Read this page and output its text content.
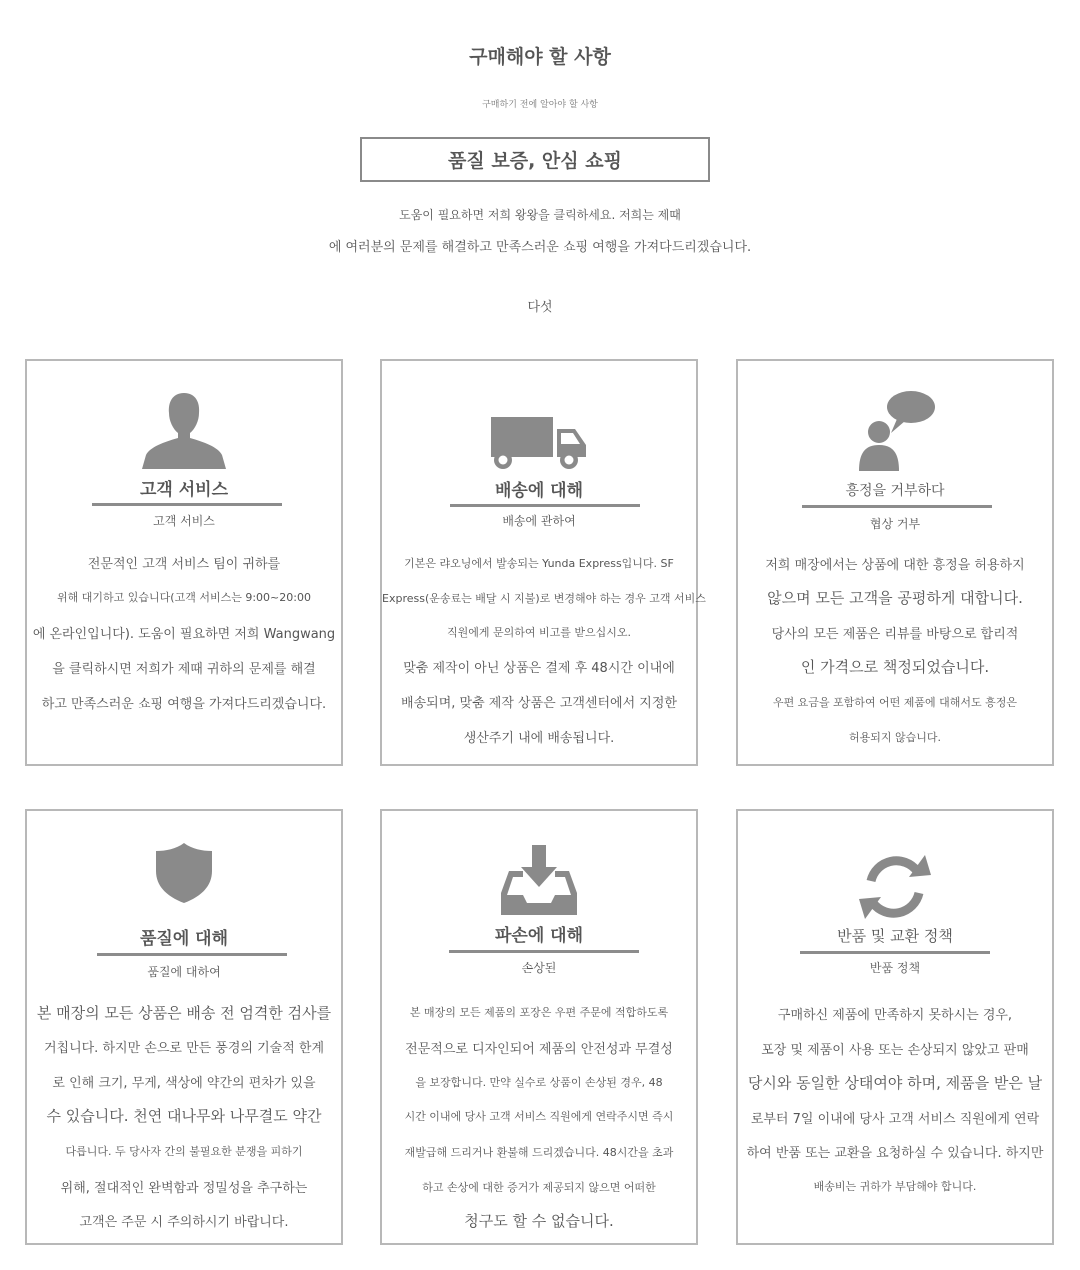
구매해야 할 사항
구매하기 전에 알아야 할 사항
품질 보증, 안심 쇼핑
도움이 필요하면 저희 왕왕을 클릭하세요. 저희는 제때
에 여러분의 문제를 해결하고 만족스러운 쇼핑 여행을 가져다드리겠습니다.
다섯
고객 서비스
고객 서비스
전문적인 고객 서비스 팀이 귀하를
위해 대기하고 있습니다(고객 서비스는 9:00~20:00
에 온라인입니다). 도움이 필요하면 저희 Wangwang
을 클릭하시면 저희가 제때 귀하의 문제를 해결
하고 만족스러운 쇼핑 여행을 가져다드리겠습니다.
배송에 대해
배송에 관하여
기본은 랴오닝에서 발송되는 Yunda Express입니다. SF
Express(운송료는 배달 시 지불)로 변경해야 하는 경우 고객 서비스
직원에게 문의하여 비고를 받으십시오.
맞춤 제작이 아닌 상품은 결제 후 48시간 이내에
배송되며, 맞춤 제작 상품은 고객센터에서 지정한
생산주기 내에 배송됩니다.
흥정을 거부하다
협상 거부
저희 매장에서는 상품에 대한 흥정을 허용하지
않으며 모든 고객을 공평하게 대합니다.
당사의 모든 제품은 리뷰를 바탕으로 합리적
인 가격으로 책정되었습니다.
우편 요금을 포함하여 어떤 제품에 대해서도 흥정은
허용되지 않습니다.
품질에 대해
품질에 대하여
본 매장의 모든 상품은 배송 전 엄격한 검사를
거칩니다. 하지만 손으로 만든 풍경의 기술적 한계
로 인해 크기, 무게, 색상에 약간의 편차가 있을
수 있습니다. 천연 대나무와 나무결도 약간
다릅니다. 두 당사자 간의 불필요한 분쟁을 피하기
위해, 절대적인 완벽함과 정밀성을 추구하는
고객은 주문 시 주의하시기 바랍니다.
파손에 대해
손상된
본 매장의 모든 제품의 포장은 우편 주문에 적합하도록
전문적으로 디자인되어 제품의 안전성과 무결성
을 보장합니다. 만약 실수로 상품이 손상된 경우, 48
시간 이내에 당사 고객 서비스 직원에게 연락주시면 즉시
재발급해 드리거나 환불해 드리겠습니다. 48시간을 초과
하고 손상에 대한 증거가 제공되지 않으면 어떠한
청구도 할 수 없습니다.
반품 및 교환 정책
반품 정책
구매하신 제품에 만족하지 못하시는 경우,
포장 및 제품이 사용 또는 손상되지 않았고 판매
당시와 동일한 상태여야 하며, 제품을 받은 날
로부터 7일 이내에 당사 고객 서비스 직원에게 연락
하여 반품 또는 교환을 요청하실 수 있습니다. 하지만
배송비는 귀하가 부담해야 합니다.
